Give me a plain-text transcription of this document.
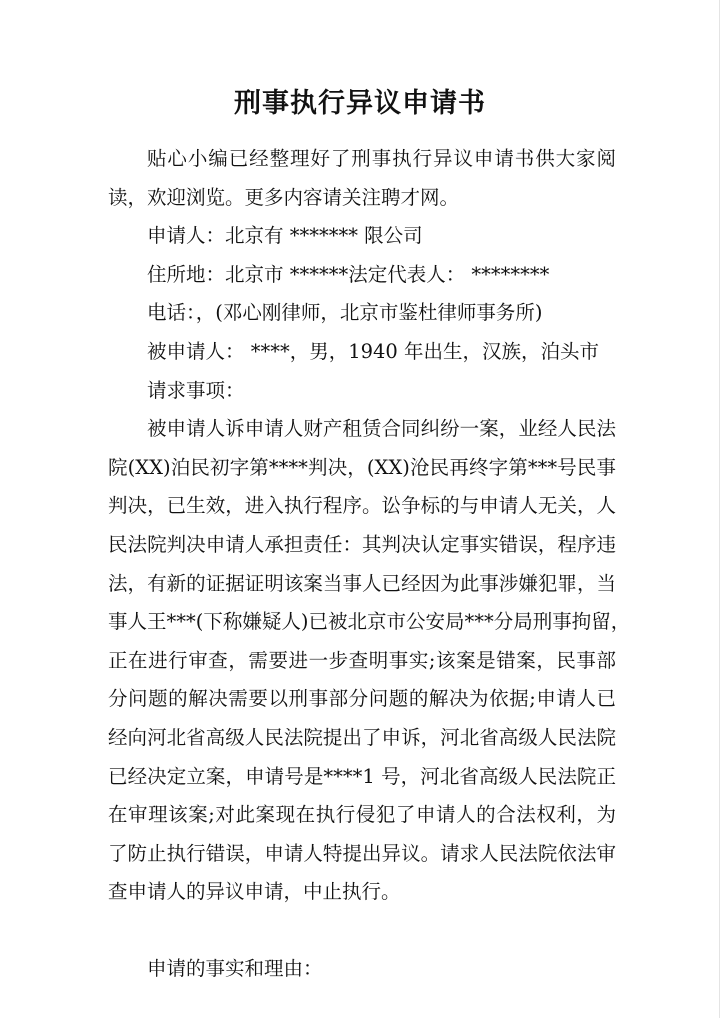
刑事执行异议申请书
贴心小编已经整理好了刑事执行异议申请书供大家阅
读，欢迎浏览。更多内容请关注聘才网。
申请人：北京有 ******* 限公司
住所地：北京市 ******法定代表人： ********
电话：，(邓心刚律师，北京市鉴杜律师事务所)
被申请人： ****，男，1940 年出生，汉族，泊头市
请求事项：
被申请人诉申请人财产租赁合同纠纷一案，业经人民法
院(XX)泊民初字第****判决，(XX)沧民再终字第***号民事
判决，已生效，进入执行程序。讼争标的与申请人无关，人
民法院判决申请人承担责任：其判决认定事实错误，程序违
法，有新的证据证明该案当事人已经因为此事涉嫌犯罪，当
事人王***(下称嫌疑人)已被北京市公安局***分局刑事拘留，
正在进行审查，需要进一步查明事实;该案是错案，民事部
分问题的解决需要以刑事部分问题的解决为依据;申请人已
经向河北省高级人民法院提出了申诉，河北省高级人民法院
已经决定立案，申请号是****1 号，河北省高级人民法院正
在审理该案;对此案现在执行侵犯了申请人的合法权利，为
了防止执行错误，申请人特提出异议。请求人民法院依法审
查申请人的异议申请，中止执行。
申请的事实和理由：
